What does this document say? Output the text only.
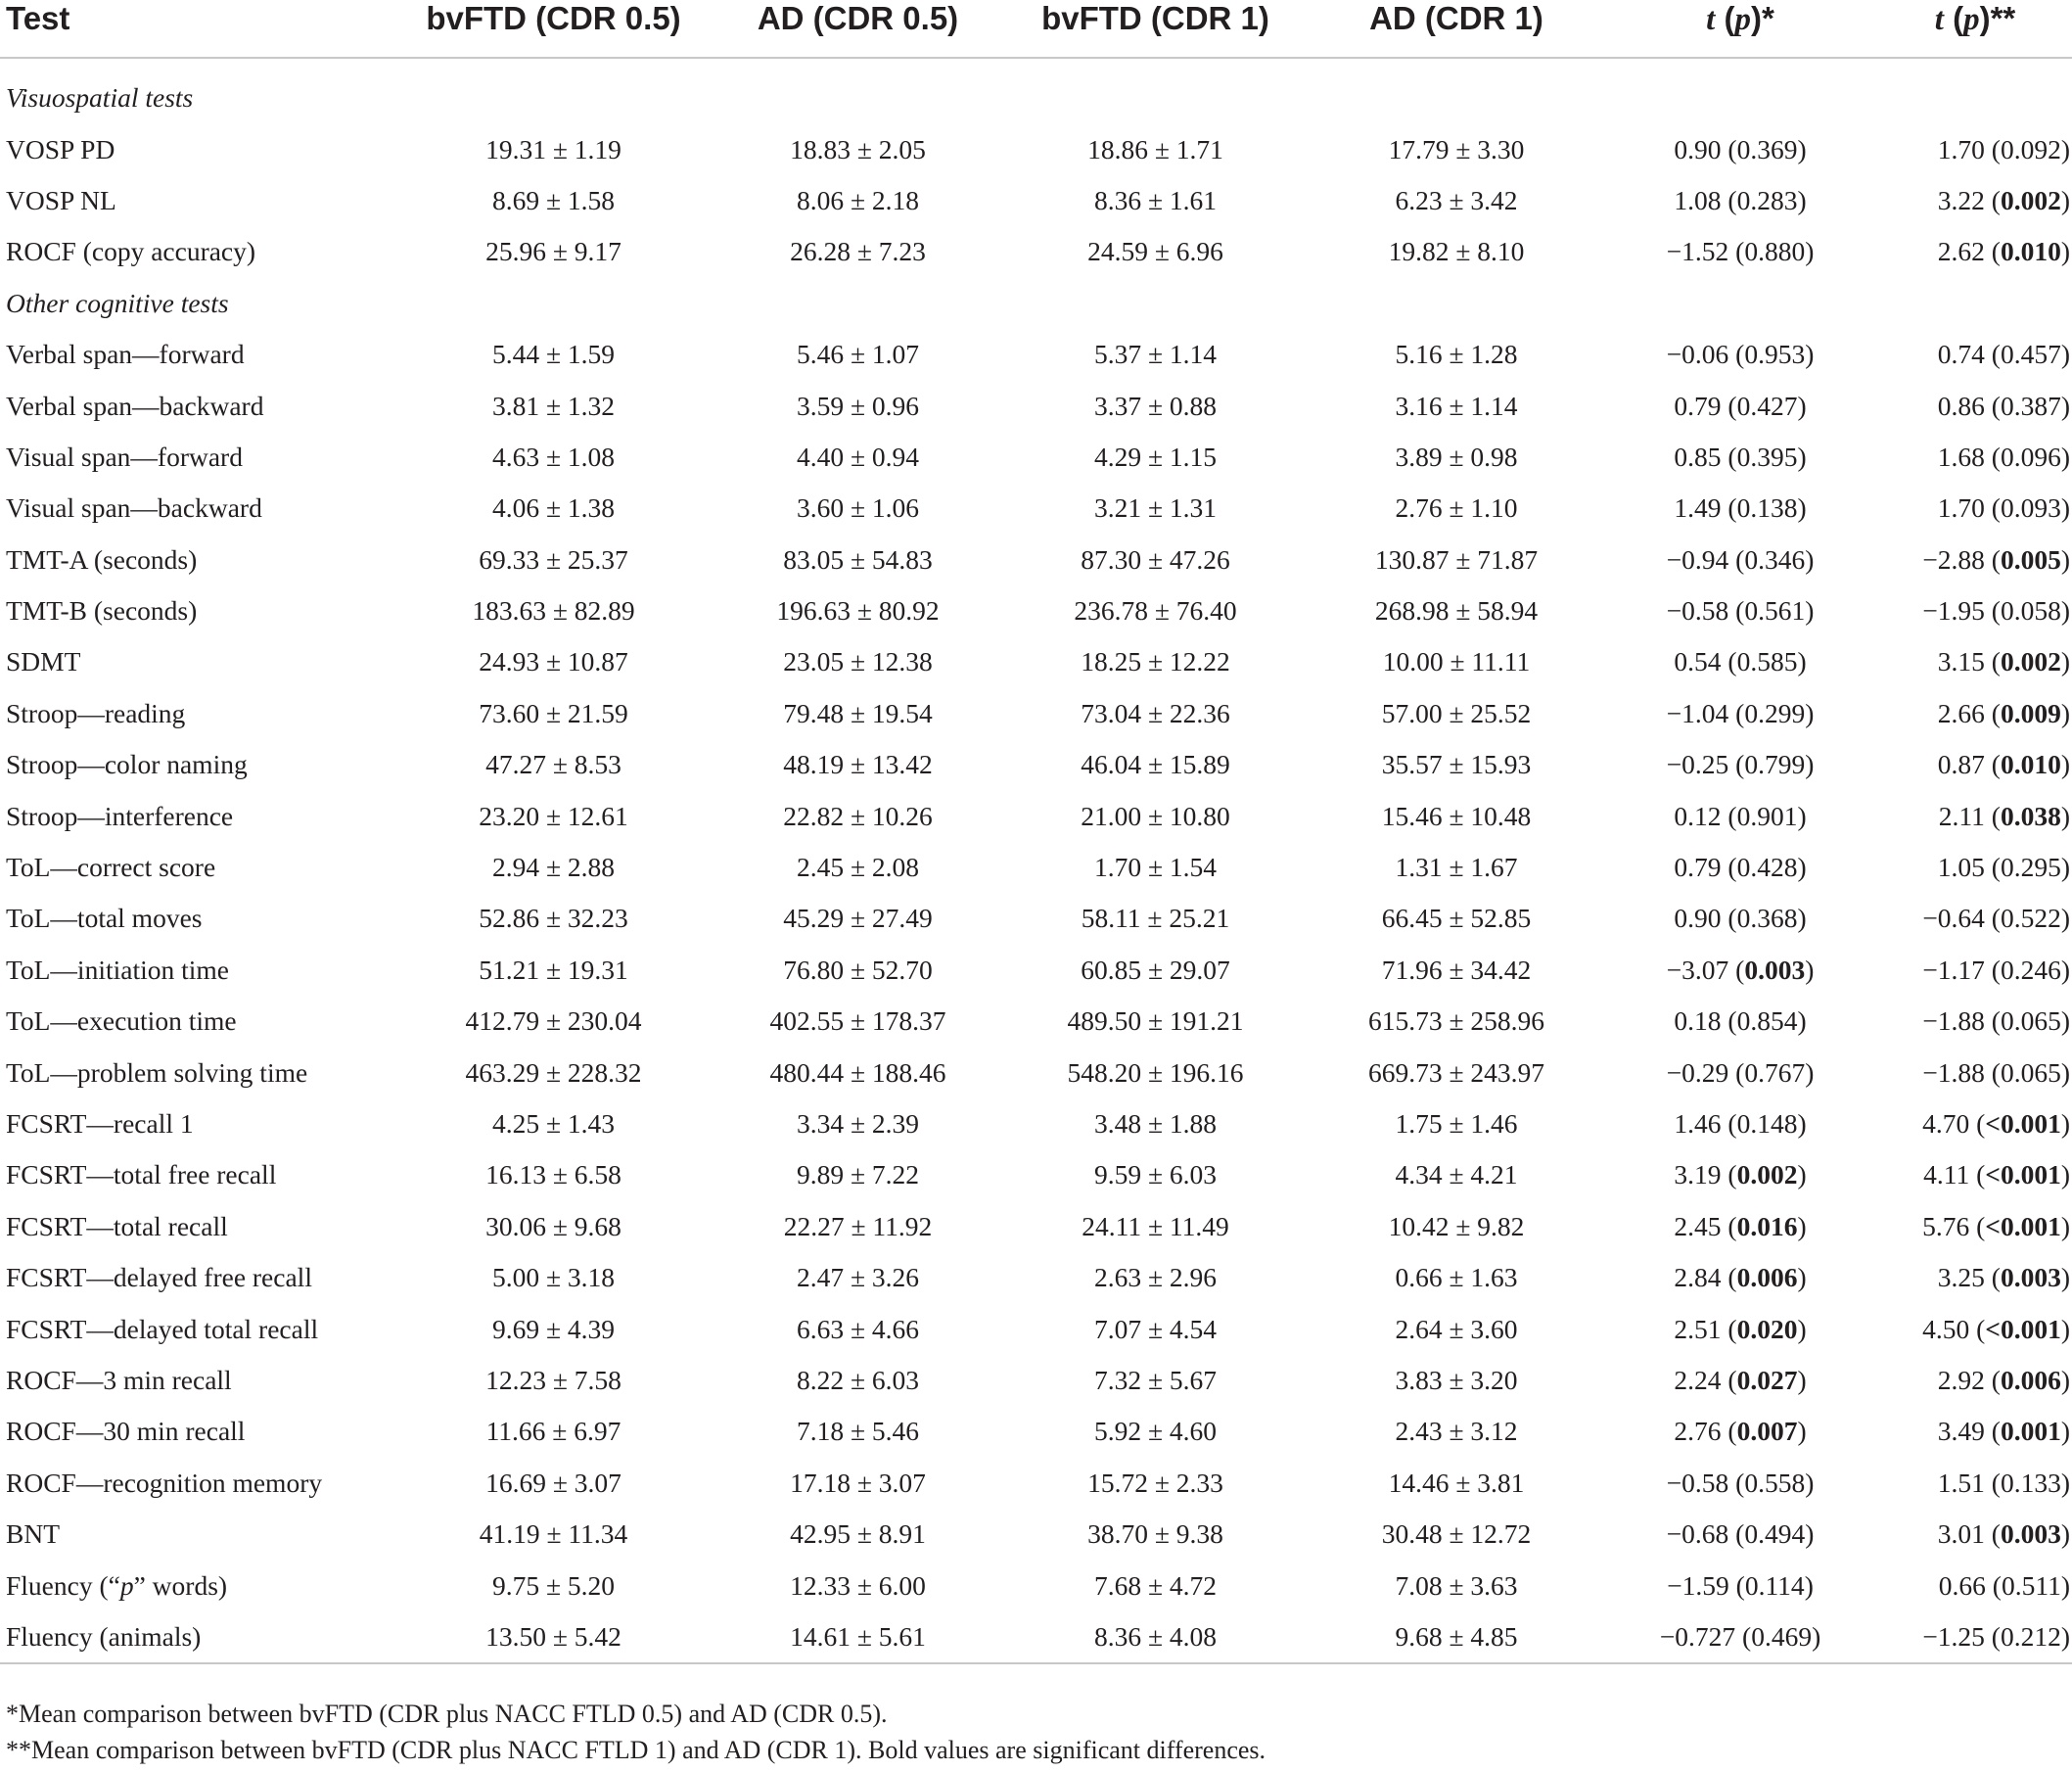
Test	bvFTD (CDR 0.5)	AD (CDR 0.5)	bvFTD (CDR 1)	AD (CDR 1)	t (p)*	t (p)**

Visuospatial tests						
VOSP PD	19.31 ± 1.19	18.83 ± 2.05	18.86 ± 1.71	17.79 ± 3.30	0.90 (0.369)	1.70 (0.092)
VOSP NL	8.69 ± 1.58	8.06 ± 2.18	8.36 ± 1.61	6.23 ± 3.42	1.08 (0.283)	3.22 (0.002)
ROCF (copy accuracy)	25.96 ± 9.17	26.28 ± 7.23	24.59 ± 6.96	19.82 ± 8.10	−1.52 (0.880)	2.62 (0.010)
Other cognitive tests						
Verbal span—forward	5.44 ± 1.59	5.46 ± 1.07	5.37 ± 1.14	5.16 ± 1.28	−0.06 (0.953)	0.74 (0.457)
Verbal span—backward	3.81 ± 1.32	3.59 ± 0.96	3.37 ± 0.88	3.16 ± 1.14	0.79 (0.427)	0.86 (0.387)
Visual span—forward	4.63 ± 1.08	4.40 ± 0.94	4.29 ± 1.15	3.89 ± 0.98	0.85 (0.395)	1.68 (0.096)
Visual span—backward	4.06 ± 1.38	3.60 ± 1.06	3.21 ± 1.31	2.76 ± 1.10	1.49 (0.138)	1.70 (0.093)
TMT-A (seconds)	69.33 ± 25.37	83.05 ± 54.83	87.30 ± 47.26	130.87 ± 71.87	−0.94 (0.346)	−2.88 (0.005)
TMT-B (seconds)	183.63 ± 82.89	196.63 ± 80.92	236.78 ± 76.40	268.98 ± 58.94	−0.58 (0.561)	−1.95 (0.058)
SDMT	24.93 ± 10.87	23.05 ± 12.38	18.25 ± 12.22	10.00 ± 11.11	0.54 (0.585)	3.15 (0.002)
Stroop—reading	73.60 ± 21.59	79.48 ± 19.54	73.04 ± 22.36	57.00 ± 25.52	−1.04 (0.299)	2.66 (0.009)
Stroop—color naming	47.27 ± 8.53	48.19 ± 13.42	46.04 ± 15.89	35.57 ± 15.93	−0.25 (0.799)	0.87 (0.010)
Stroop—interference	23.20 ± 12.61	22.82 ± 10.26	21.00 ± 10.80	15.46 ± 10.48	0.12 (0.901)	2.11 (0.038)
ToL—correct score	2.94 ± 2.88	2.45 ± 2.08	1.70 ± 1.54	1.31 ± 1.67	0.79 (0.428)	1.05 (0.295)
ToL—total moves	52.86 ± 32.23	45.29 ± 27.49	58.11 ± 25.21	66.45 ± 52.85	0.90 (0.368)	−0.64 (0.522)
ToL—initiation time	51.21 ± 19.31	76.80 ± 52.70	60.85 ± 29.07	71.96 ± 34.42	−3.07 (0.003)	−1.17 (0.246)
ToL—execution time	412.79 ± 230.04	402.55 ± 178.37	489.50 ± 191.21	615.73 ± 258.96	0.18 (0.854)	−1.88 (0.065)
ToL—problem solving time	463.29 ± 228.32	480.44 ± 188.46	548.20 ± 196.16	669.73 ± 243.97	−0.29 (0.767)	−1.88 (0.065)
FCSRT—recall 1	4.25 ± 1.43	3.34 ± 2.39	3.48 ± 1.88	1.75 ± 1.46	1.46 (0.148)	4.70 (<0.001)
FCSRT—total free recall	16.13 ± 6.58	9.89 ± 7.22	9.59 ± 6.03	4.34 ± 4.21	3.19 (0.002)	4.11 (<0.001)
FCSRT—total recall	30.06 ± 9.68	22.27 ± 11.92	24.11 ± 11.49	10.42 ± 9.82	2.45 (0.016)	5.76 (<0.001)
FCSRT—delayed free recall	5.00 ± 3.18	2.47 ± 3.26	2.63 ± 2.96	0.66 ± 1.63	2.84 (0.006)	3.25 (0.003)
FCSRT—delayed total recall	9.69 ± 4.39	6.63 ± 4.66	7.07 ± 4.54	2.64 ± 3.60	2.51 (0.020)	4.50 (<0.001)
ROCF—3 min recall	12.23 ± 7.58	8.22 ± 6.03	7.32 ± 5.67	3.83 ± 3.20	2.24 (0.027)	2.92 (0.006)
ROCF—30 min recall	11.66 ± 6.97	7.18 ± 5.46	5.92 ± 4.60	2.43 ± 3.12	2.76 (0.007)	3.49 (0.001)
ROCF—recognition memory	16.69 ± 3.07	17.18 ± 3.07	15.72 ± 2.33	14.46 ± 3.81	−0.58 (0.558)	1.51 (0.133)
BNT	41.19 ± 11.34	42.95 ± 8.91	38.70 ± 9.38	30.48 ± 12.72	−0.68 (0.494)	3.01 (0.003)
Fluency (“p” words)	9.75 ± 5.20	12.33 ± 6.00	7.68 ± 4.72	7.08 ± 3.63	−1.59 (0.114)	0.66 (0.511)
Fluency (animals)	13.50 ± 5.42	14.61 ± 5.61	8.36 ± 4.08	9.68 ± 4.85	−0.727 (0.469)	−1.25 (0.212)
*Mean comparison between bvFTD (CDR plus NACC FTLD 0.5) and AD (CDR 0.5).
**Mean comparison between bvFTD (CDR plus NACC FTLD 1) and AD (CDR 1). Bold values are significant differences.
